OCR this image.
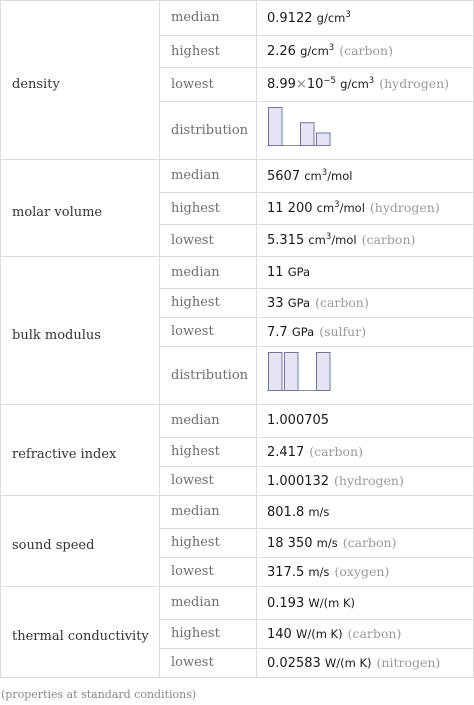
density	median	0.9122 $g/cm^3$
	highest	2.26 $g/cm^3$ (carbon)
	lowest	$8.99\times 10^{-5}$ $g/cm^3$ (hydrogen)
	distribution	
molar volume	median	5607 $cm^3$/mol
	highest	11 200 $cm^3$/mol (hydrogen)
	lowest	5.315 $cm^3$/mol (carbon)
bulk modulus	median	11 GPa
	highest	33 GPa (carbon)
	lowest	7.7 GPa (sulfur)
	distribution	
refractive index	median	1.000705
	highest	2.417 (carbon)
	lowest	1.000132 (hydrogen)
sound speed	median	801.8 m/s
	highest	18 350 m/s (carbon)
	lowest	317.5 m/s (oxygen)
thermal conductivity	median	0.193 W/(m K)
	highest	140 W/(m K) (carbon)
	lowest	0.02583 W/(m K) (nitrogen)
(properties at standard conditions)
